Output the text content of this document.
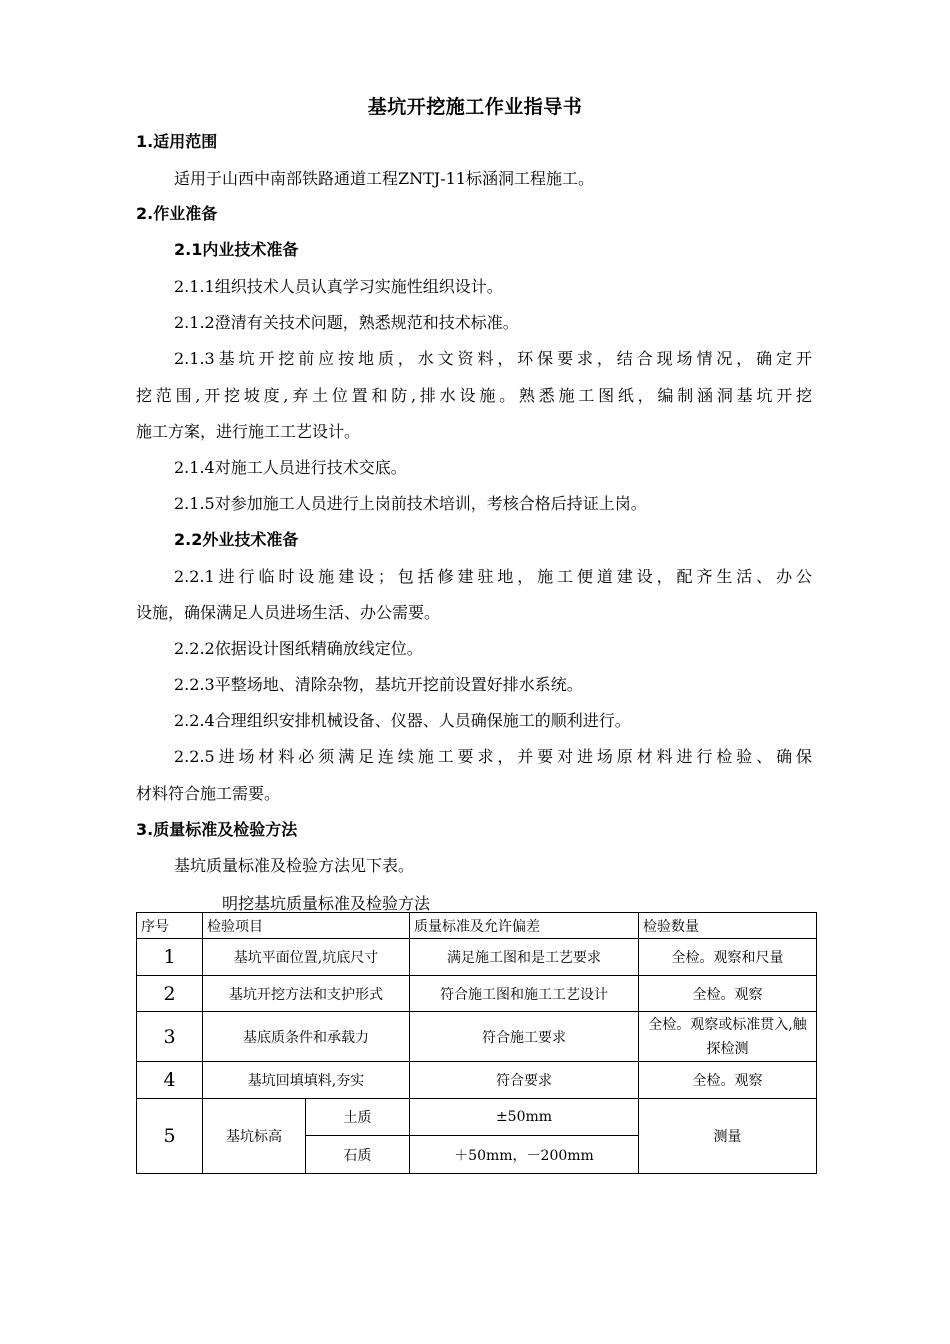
基坑开挖施工作业指导书
1.适用范围
适用于山西中南部铁路通道工程ZNTJ-11标涵洞工程施工。
2.作业准备
2.1内业技术准备
2.1.1组织技术人员认真学习实施性组织设计。
2.1.2澄清有关技术问题，熟悉规范和技术标准。
2.1.3基坑开挖前应按地质，水文资料，环保要求，结合现场情况，确定开
挖范围,开挖坡度,弃土位置和防,排水设施。熟悉施工图纸，编制涵洞基坑开挖
施工方案，进行施工工艺设计。
2.1.4对施工人员进行技术交底。
2.1.5对参加施工人员进行上岗前技术培训，考核合格后持证上岗。
2.2外业技术准备
2.2.1进行临时设施建设；包括修建驻地，施工便道建设，配齐生活、办公
设施，确保满足人员进场生活、办公需要。
2.2.2依据设计图纸精确放线定位。
2.2.3平整场地、清除杂物，基坑开挖前设置好排水系统。
2.2.4合理组织安排机械设备、仪器、人员确保施工的顺利进行。
2.2.5进场材料必须满足连续施工要求，并要对进场原材料进行检验、确保
材料符合施工需要。
3.质量标准及检验方法
基坑质量标准及检验方法见下表。
明挖基坑质量标准及检验方法
序号	检验项目		质量标准及允许偏差	检验数量
1	基坑平面位置,坑底尺寸		满足施工图和是工艺要求	全检。观察和尺量
2	基坑开挖方法和支护形式		符合施工图和施工工艺设计	全检。观察
3	基底质条件和承载力		符合施工要求	全检。观察或标准贯入,触探检测
4	基坑回填填料,夯实		符合要求	全检。观察
5	基坑标高	土质	±50mm	测量
		石质	＋50mm，－200mm	
